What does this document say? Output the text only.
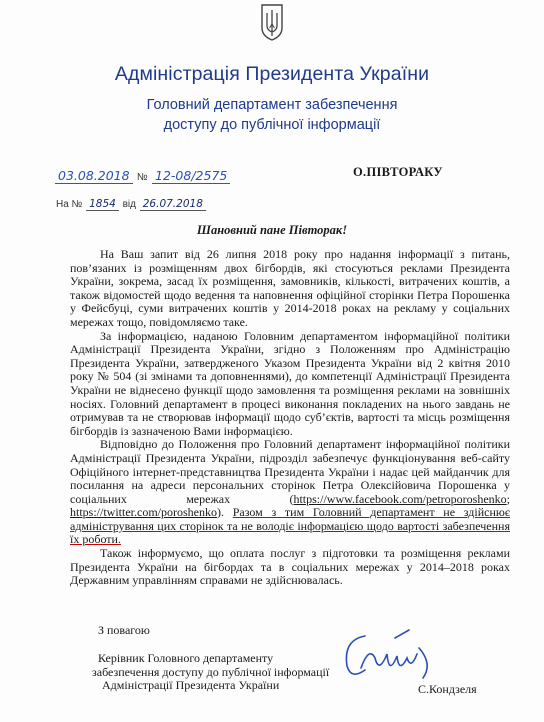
Адміністрація Президента України
Головний департамент забезпечення
доступу до публічної інформації
03.08.2018 № 12-08/2575
На № 1854 від 26.07.2018
О.ПІВТОРАКУ
Шановний пане Півторак!

На Ваш запит від 26 липня 2018 року про надання інформації з питань, пов’язаних із розміщенням двох бігбордів, які стосуються реклами Президента України, зокрема, засад їх розміщення, замовників, кількості, витрачених коштів, а також відомостей щодо ведення та наповнення офіційної сторінки Петра Порошенка у Фейсбуці, суми витрачених коштів у 2014-2018 роках на рекламу у соціальних мережах тощо, повідомляємо таке.

За інформацією, наданою Головним департаментом інформаційної політики Адміністрації Президента України, згідно з Положенням про Адміністрацію Президента України, затвердженого Указом Президента України від 2 квітня 2010 року № 504 (зі змінами та доповненнями), до компетенції Адміністрації Президента України не віднесено функції щодо замовлення та розміщення реклами на зовнішніх носіях. Головний департамент в процесі виконання покладених на нього завдань не отримував та не створював інформації щодо суб’єктів, вартості та місць розміщення бігбордів із зазначеною Вами інформацією.

Відповідно до Положення про Головний департамент інформаційної політики Адміністрації Президента України, підрозділ забезпечує функціонування веб-сайту Офіційного інтернет-представництва Президента України і надає цей майданчик для посилання на адреси персональних сторінок Петра Олексійовича Порошенка у соціальних мережах (https://www.facebook.com/petroporoshenko; https://twitter.com/poroshenko). Разом з тим Головний департамент не здійснює адміністрування цих сторінок та не володіє інформацією щодо вартості забезпечення їх роботи.

Також інформуємо, що оплата послуг з підготовки та розміщення реклами Президента України на бігбордах та в соціальних мережах у 2014–2018 роках Державним управлінням справами не здійснювалась.

З повагою
Керівник Головного департаменту
забезпечення доступу до публічної інформації
Адміністрації Президента України	С.Кондзеля
